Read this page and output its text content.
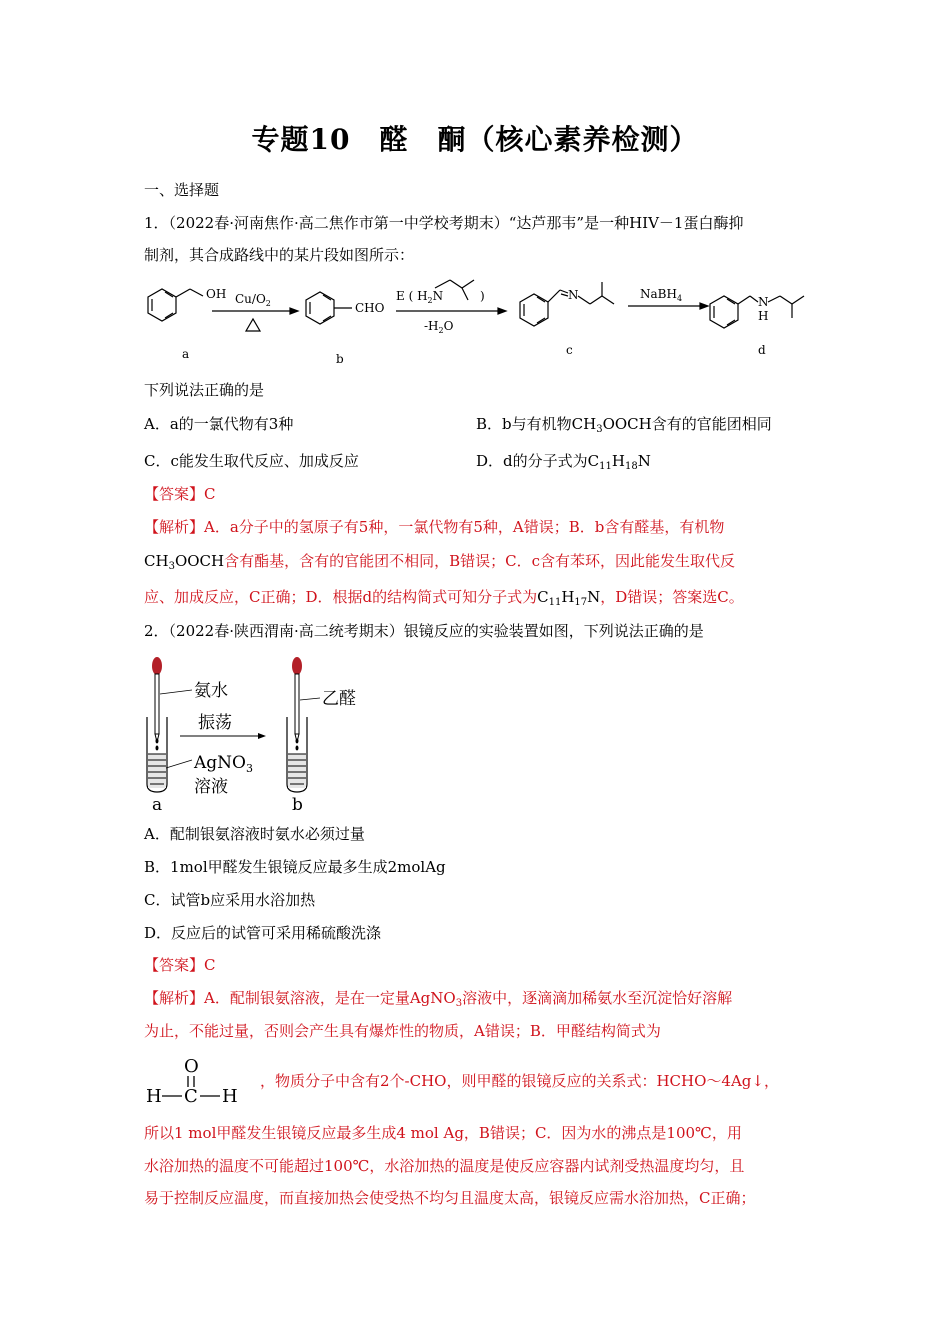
专题10　醛　酮（核心素养检测）
一、选择题
1．（2022春·河南焦作·高二焦作市第一中学校考期末）“达芦那韦”是一种HIV－1蛋白酶抑
制剂，其合成路线中的某片段如图所示：
OH $Cu/O_2$	CHO
E ( $H_2N$	)
$-H_2O$
N	NaBH$_4$	N
H
a	b
c	d
下列说法正确的是
A．a的一氯代物有3种	B．b与有机物$CH_3OOCH$含有的官能团相同
C．c能发生取代反应、加成反应	D．d的分子式为$C_{11}H_{18}N$
【答案】C
【解析】A．a分子中的氢原子有5种，一氯代物有5种，A错误；B．b含有醛基，有机物
$CH_3OOCH$含有酯基，含有的官能团不相同，B错误；C．c含有苯环，因此能发生取代反
应、加成反应，C正确；D．根据d的结构简式可知分子式为$C_{11}H_{17}N$，D错误；答案选C。
2．（2022春·陕西渭南·高二统考期末）银镜反应的实验装置如图，下列说法正确的是
氨水
振荡
AgNO$_3$
溶液
乙醛
a	b
A．配制银氨溶液时氨水必须过量
B．1mol甲醛发生银镜反应最多生成2molAg
C．试管b应采用水浴加热
D．反应后的试管可采用稀硫酸洗涤
【答案】C
【解析】A．配制银氨溶液，是在一定量AgNO$_3$溶液中，逐滴滴加稀氨水至沉淀恰好溶解
为止，不能过量，否则会产生具有爆炸性的物质，A错误；B．甲醛结构简式为
O
H C H
，物质分子中含有2个-CHO，则甲醛的银镜反应的关系式：HCHO～4Ag↓，
所以1 mol甲醛发生银镜反应最多生成4 mol Ag，B错误；C．因为水的沸点是100℃，用
水浴加热的温度不可能超过100℃，水浴加热的温度是使反应容器内试剂受热温度均匀，且
易于控制反应温度，而直接加热会使受热不均匀且温度太高，银镜反应需水浴加热，C正确；
